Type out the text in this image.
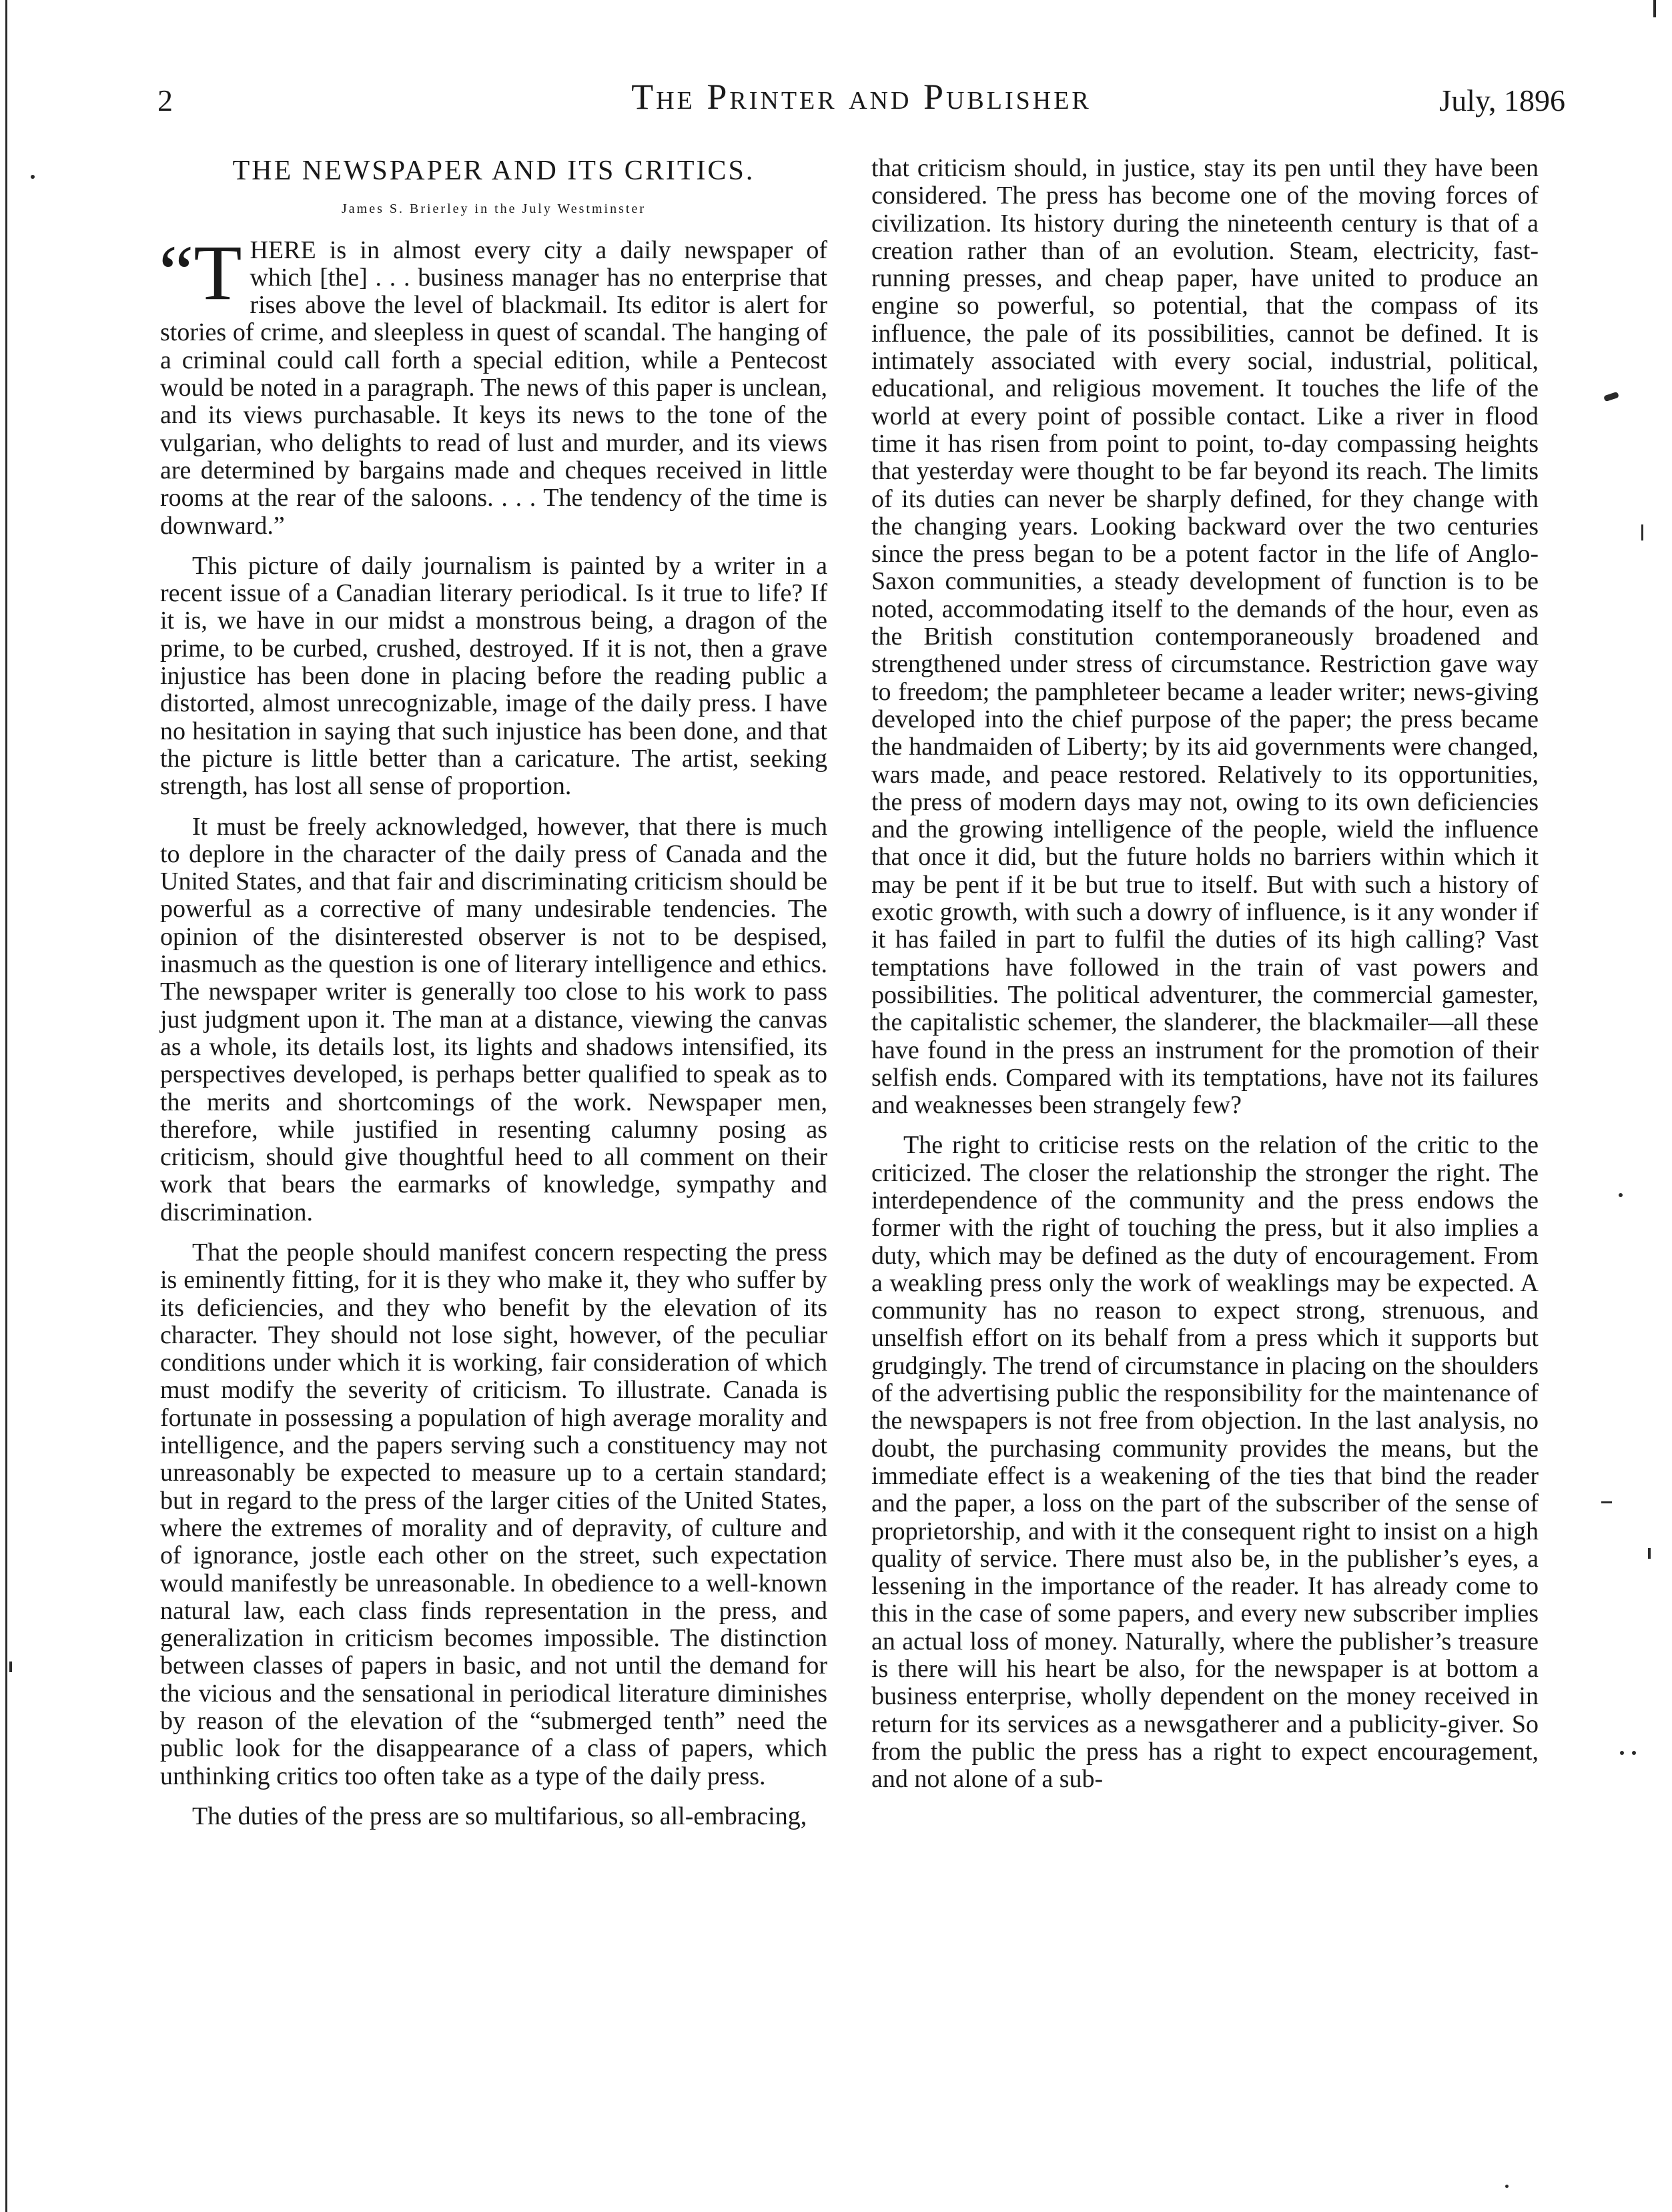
2	The Printer and Publisher	July, 1896
THE NEWSPAPER AND ITS CRITICS.
James S. Brierley in the July Westminster

“T HERE is in almost every city a daily newspaper of which [the] . . . business manager has no enterprise that rises above the level of blackmail. Its editor is alert for stories of crime, and sleepless in quest of scandal. The hanging of a criminal could call forth a special edition, while a Pentecost would be noted in a paragraph. The news of this paper is unclean, and its views purchasable. It keys its news to the tone of the vulgarian, who delights to read of lust and murder, and its views are determined by bargains made and cheques received in little rooms at the rear of the saloons. . . . The tendency of the time is downward.”

This picture of daily journalism is painted by a writer in a recent issue of a Canadian literary periodical. Is it true to life? If it is, we have in our midst a monstrous being, a dragon of the prime, to be curbed, crushed, destroyed. If it is not, then a grave injustice has been done in placing before the reading public a distorted, almost unrecognizable, image of the daily press. I have no hesitation in saying that such injustice has been done, and that the picture is little better than a caricature. The artist, seeking strength, has lost all sense of proportion.

It must be freely acknowledged, however, that there is much to deplore in the character of the daily press of Canada and the United States, and that fair and discriminating criticism should be powerful as a corrective of many undesirable tendencies. The opinion of the disinterested observer is not to be despised, inasmuch as the question is one of literary intelligence and ethics. The newspaper writer is generally too close to his work to pass just judgment upon it. The man at a distance, viewing the canvas as a whole, its details lost, its lights and shadows intensified, its perspectives developed, is perhaps better qualified to speak as to the merits and shortcomings of the work. Newspaper men, therefore, while justified in resenting calumny posing as criticism, should give thoughtful heed to all comment on their work that bears the earmarks of knowledge, sympathy and discrimination.

That the people should manifest concern respecting the press is eminently fitting, for it is they who make it, they who suffer by its deficiencies, and they who benefit by the elevation of its character. They should not lose sight, however, of the peculiar conditions under which it is working, fair consideration of which must modify the severity of criticism. To illustrate. Canada is fortunate in possessing a population of high average morality and intelligence, and the papers serving such a constituency may not unreasonably be expected to measure up to a certain standard; but in regard to the press of the larger cities of the United States, where the extremes of morality and of depravity, of culture and of ignorance, jostle each other on the street, such expectation would manifestly be unreasonable. In obedience to a well-known natural law, each class finds representation in the press, and generalization in criticism becomes impossible. The distinction between classes of papers in basic, and not until the demand for the vicious and the sensational in periodical literature diminishes by reason of the elevation of the “submerged tenth” need the public look for the disappearance of a class of papers, which unthinking critics too often take as a type of the daily press.

The duties of the press are so multifarious, so all-embracing,

that criticism should, in justice, stay its pen until they have been considered. The press has become one of the moving forces of civilization. Its history during the nineteenth century is that of a creation rather than of an evolution. Steam, electricity, fast-running presses, and cheap paper, have united to produce an engine so powerful, so potential, that the compass of its influence, the pale of its possibilities, cannot be defined. It is intimately associated with every social, industrial, political, educational, and religious movement. It touches the life of the world at every point of possible contact. Like a river in flood time it has risen from point to point, to-day compassing heights that yesterday were thought to be far beyond its reach. The limits of its duties can never be sharply defined, for they change with the changing years. Looking backward over the two centuries since the press began to be a potent factor in the life of Anglo-Saxon communities, a steady development of function is to be noted, accommodating itself to the demands of the hour, even as the British constitution contemporaneously broadened and strengthened under stress of circumstance. Restriction gave way to freedom; the pamphleteer became a leader writer; news-giving developed into the chief purpose of the paper; the press became the handmaiden of Liberty; by its aid governments were changed, wars made, and peace restored. Relatively to its opportunities, the press of modern days may not, owing to its own deficiencies and the growing intelligence of the people, wield the influence that once it did, but the future holds no barriers within which it may be pent if it be but true to itself. But with such a history of exotic growth, with such a dowry of influence, is it any wonder if it has failed in part to fulfil the duties of its high calling? Vast temptations have followed in the train of vast powers and possibilities. The political adventurer, the commercial gamester, the capitalistic schemer, the slanderer, the blackmailer—all these have found in the press an instrument for the promotion of their selfish ends. Compared with its temptations, have not its failures and weaknesses been strangely few?

The right to criticise rests on the relation of the critic to the criticized. The closer the relationship the stronger the right. The interdependence of the community and the press endows the former with the right of touching the press, but it also implies a duty, which may be defined as the duty of encouragement. From a weakling press only the work of weaklings may be expected. A community has no reason to expect strong, strenuous, and unselfish effort on its behalf from a press which it supports but grudgingly. The trend of circumstance in placing on the shoulders of the advertising public the responsibility for the maintenance of the newspapers is not free from objection. In the last analysis, no doubt, the purchasing community provides the means, but the immediate effect is a weakening of the ties that bind the reader and the paper, a loss on the part of the subscriber of the sense of proprietorship, and with it the consequent right to insist on a high quality of service. There must also be, in the publisher’s eyes, a lessening in the importance of the reader. It has already come to this in the case of some papers, and every new subscriber implies an actual loss of money. Naturally, where the publisher’s treasure is there will his heart be also, for the newspaper is at bottom a business enterprise, wholly dependent on the money received in return for its services as a newsgatherer and a publicity-giver. So from the public the press has a right to expect encouragement, and not alone of a sub-
